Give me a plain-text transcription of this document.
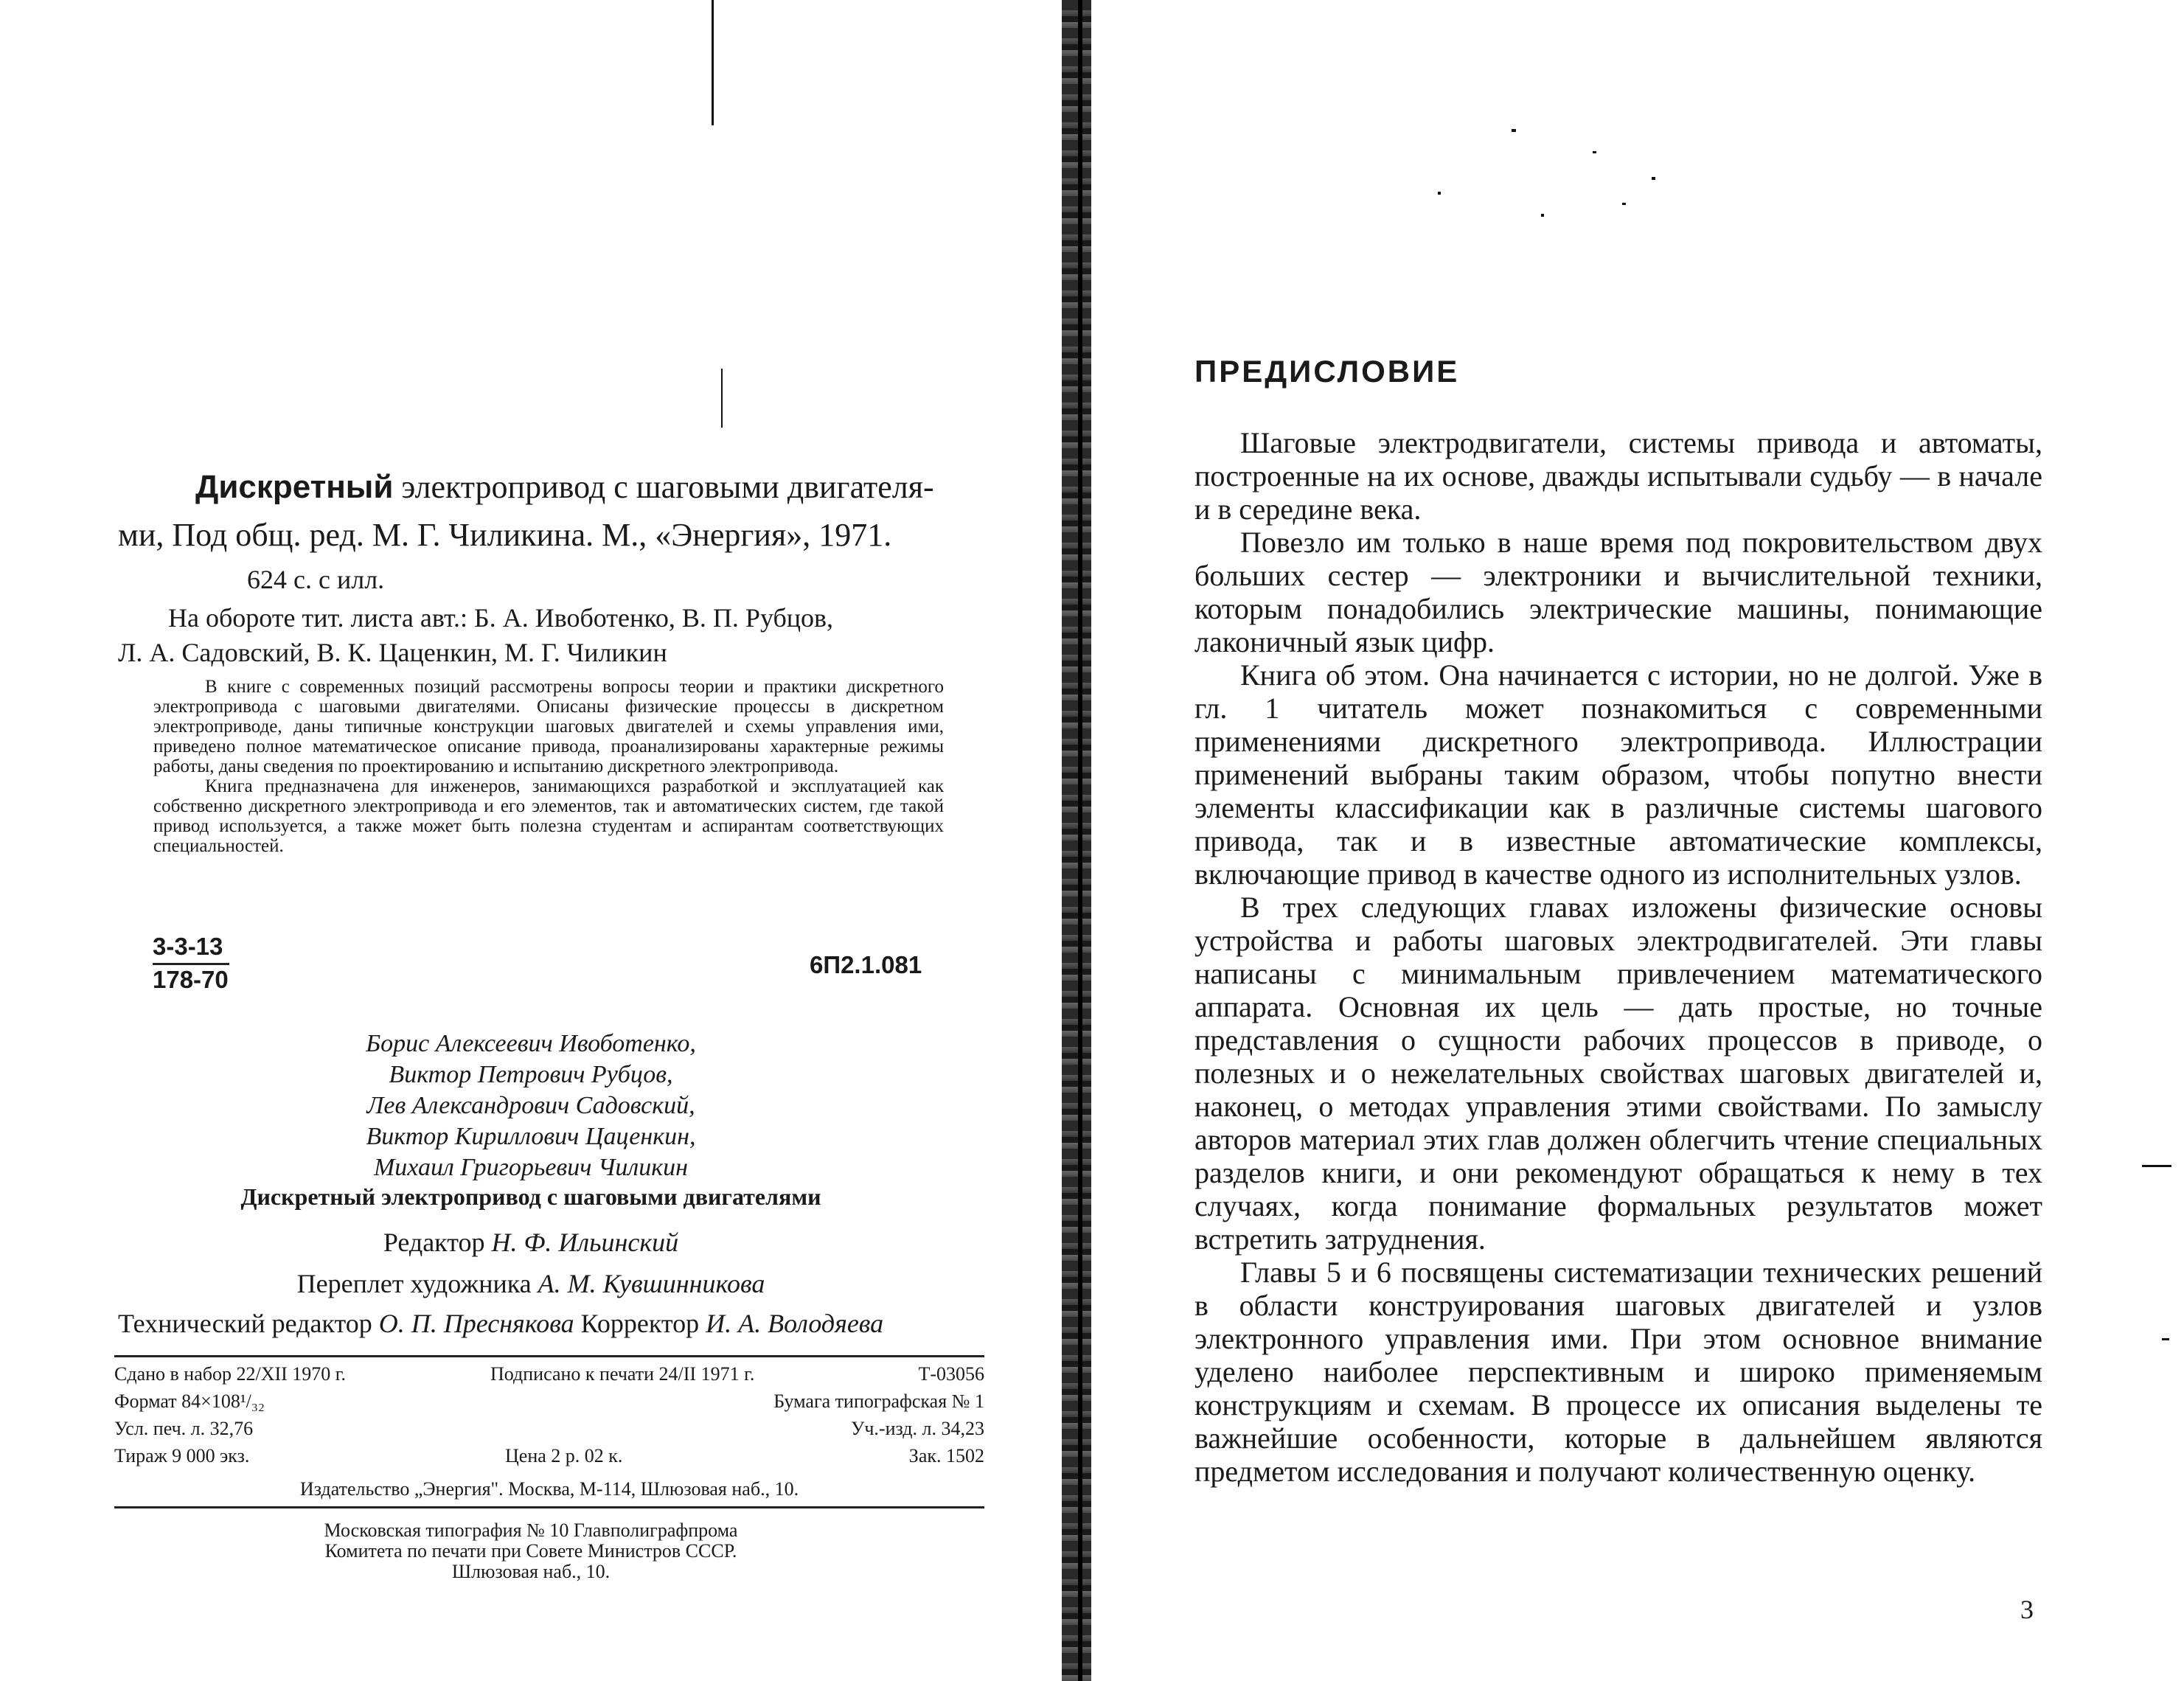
Дискретный электропривод с шаговыми двигателя-
ми, Под общ. ред. М. Г. Чиликина. М., «Энергия», 1971.
624 с. с илл.
На обороте тит. листа авт.: Б. А. Ивоботенко, В. П. Рубцов,
Л. А. Садовский, В. К. Цаценкин, М. Г. Чиликин
В книге с современных позиций рассмотрены вопросы теории и практики дискретного электропривода с шаговыми двигателями. Описаны физические процессы в дискретном электроприводе, даны типичные конструкции шаговых двигателей и схемы управления ими, приведено полное математическое описание привода, проанализированы характерные режимы работы, даны сведения по проектированию и испытанию дискретного электропривода.
Книга предназначена для инженеров, занимающихся разработкой и эксплуатацией как собственно дискретного электропривода и его элементов, так и автоматических систем, где такой привод используется, а также может быть полезна студентам и аспирантам соответствующих специальностей.
3-3-13
178-70
6П2.1.081
Борис Алексеевич Ивоботенко,
Виктор Петрович Рубцов,
Лев Александрович Садовский,
Виктор Кириллович Цаценкин,
Михаил Григорьевич Чиликин
Дискретный электропривод с шаговыми двигателями
Редактор Н. Ф. Ильинский
Переплет художника А. М. Кувшинникова
Технический редактор О. П. Преснякова Корректор И. А. Володяева
Сдано в набор 22/XII 1970 г.	Подписано к печати 24/II 1971 г.	Т-03056
Формат 84×108¹/₃₂	Бумага типографская № 1
Усл. печ. л. 32,76	Уч.-изд. л. 34,23
Тираж 9 000 экз.	Цена 2 р. 02 к.	Зак. 1502
Издательство „Энергия". Москва, М-114, Шлюзовая наб., 10.
Московская типография № 10 Главполиграфпрома
Комитета по печати при Совете Министров СССР.
Шлюзовая наб., 10.
ПРЕДИСЛОВИЕ

Шаговые электродвигатели, системы привода и автоматы, построенные на их основе, дважды испытывали судьбу — в начале и в середине века.

Повезло им только в наше время под покровительством двух больших сестер — электроники и вычислительной техники, которым понадобились электрические машины, понимающие лаконичный язык цифр.

Книга об этом. Она начинается с истории, но не долгой. Уже в гл. 1 читатель может познакомиться с современными применениями дискретного электропривода. Иллюстрации применений выбраны таким образом, чтобы попутно внести элементы классификации как в различные системы шагового привода, так и в известные автоматические комплексы, включающие привод в качестве одного из исполнительных узлов.

В трех следующих главах изложены физические основы устройства и работы шаговых электродвигателей. Эти главы написаны с минимальным привлечением математического аппарата. Основная их цель — дать простые, но точные представления о сущности рабочих процессов в приводе, о полезных и о нежелательных свойствах шаговых двигателей и, наконец, о методах управления этими свойствами. По замыслу авторов материал этих глав должен облегчить чтение специальных разделов книги, и они рекомендуют обращаться к нему в тех случаях, когда понимание формальных результатов может встретить затруднения.

Главы 5 и 6 посвящены систематизации технических решений в области конструирования шаговых двигателей и узлов электронного управления ими. При этом основное внимание уделено наиболее перспективным и широко применяемым конструкциям и схемам. В процессе их описания выделены те важнейшие особенности, которые в дальнейшем являются предметом исследования и получают количественную оценку.

3
